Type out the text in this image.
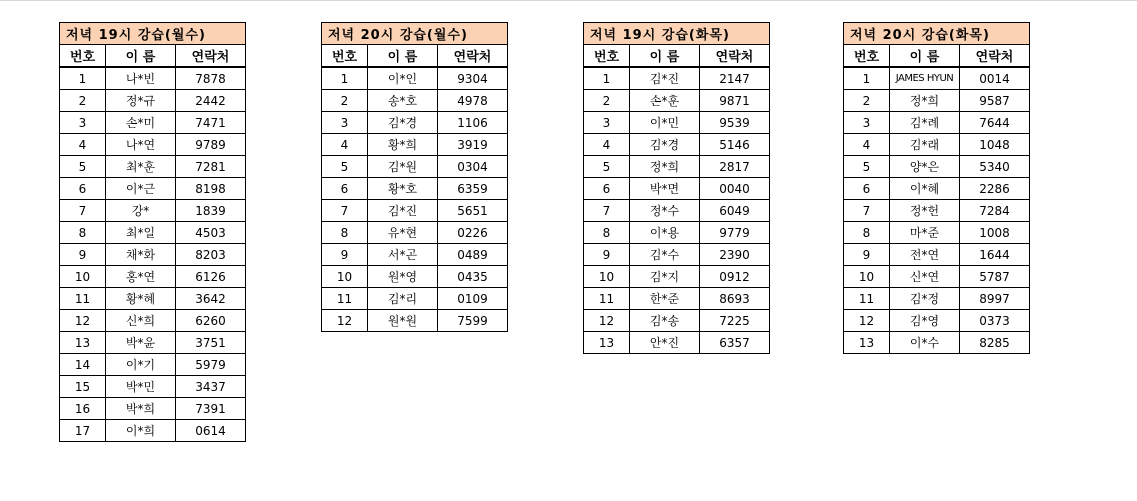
저녁 19시 강습(월수)		
번호	이 름	연락처
1	나*빈	7878
2	정*규	2442
3	손*미	7471
4	나*연	9789
5	최*훈	7281
6	이*근	8198
7	강*	1839
8	최*일	4503
9	채*화	8203
10	홍*연	6126
11	황*혜	3642
12	신*희	6260
13	박*윤	3751
14	이*기	5979
15	박*민	3437
16	박*희	7391
17	이*희	0614
저녁 20시 강습(월수)		
번호	이 름	연락처
1	이*인	9304
2	송*호	4978
3	김*경	1106
4	황*희	3919
5	김*원	0304
6	황*호	6359
7	김*진	5651
8	유*현	0226
9	서*곤	0489
10	원*영	0435
11	김*리	0109
12	원*원	7599
저녁 19시 강습(화목)		
번호	이 름	연락처
1	김*진	2147
2	손*훈	9871
3	이*민	9539
4	김*경	5146
5	정*희	2817
6	박*면	0040
7	정*수	6049
8	이*용	9779
9	김*수	2390
10	김*지	0912
11	한*준	8693
12	김*송	7225
13	안*진	6357
저녁 20시 강습(화목)		
번호	이 름	연락처
1	JAMES HYUN	0014
2	정*희	9587
3	김*례	7644
4	김*래	1048
5	양*은	5340
6	이*혜	2286
7	정*헌	7284
8	마*준	1008
9	전*연	1644
10	신*연	5787
11	김*정	8997
12	김*영	0373
13	이*수	8285
